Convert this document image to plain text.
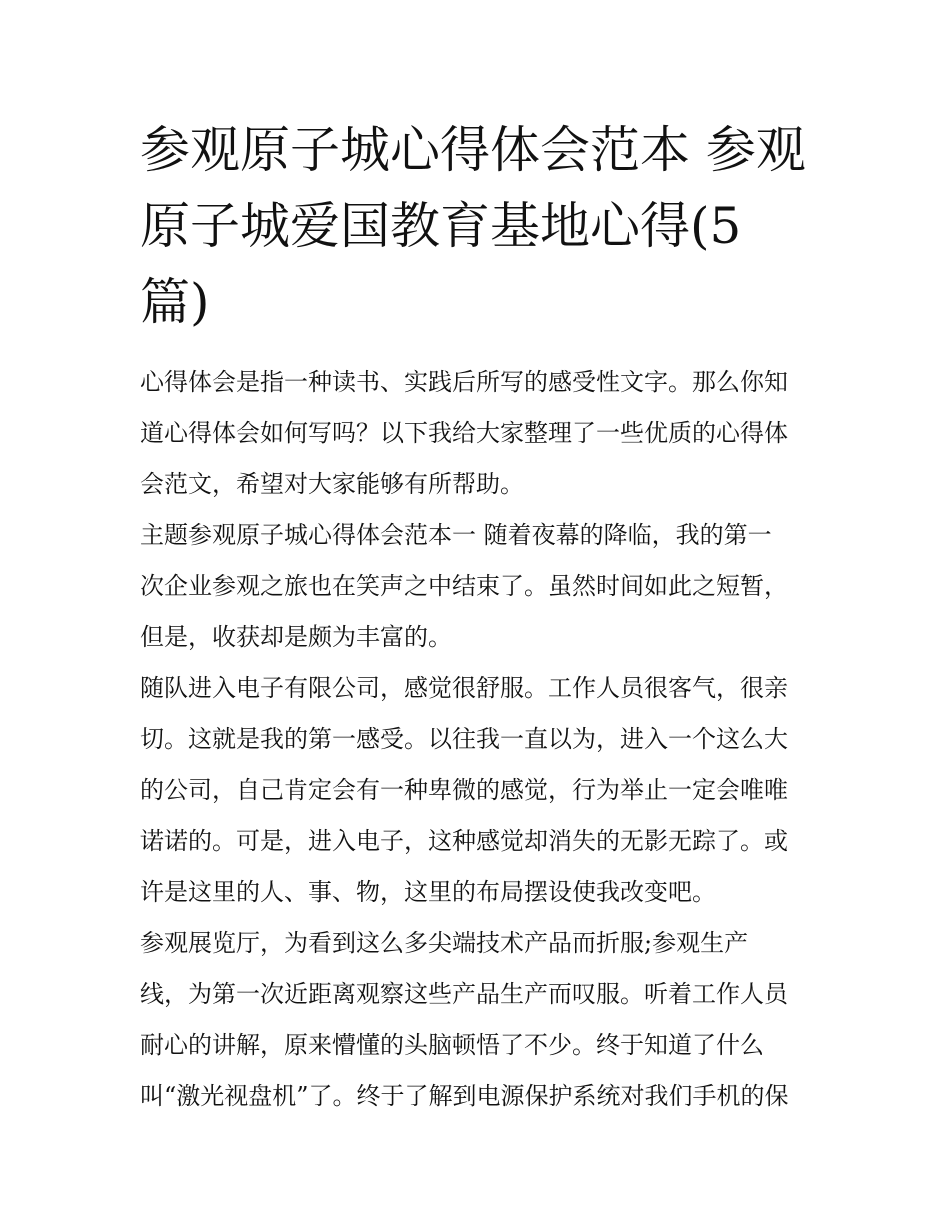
参观原子城心得体会范本 参观
原子城爱国教育基地心得(5
篇)
心得体会是指一种读书、实践后所写的感受性文字。那么你知
道心得体会如何写吗？以下我给大家整理了一些优质的心得体
会范文，希望对大家能够有所帮助。
主题参观原子城心得体会范本一 随着夜幕的降临，我的第一
次企业参观之旅也在笑声之中结束了。虽然时间如此之短暂，
但是，收获却是颇为丰富的。
随队进入电子有限公司，感觉很舒服。工作人员很客气，很亲
切。这就是我的第一感受。以往我一直以为，进入一个这么大
的公司，自己肯定会有一种卑微的感觉，行为举止一定会唯唯
诺诺的。可是，进入电子，这种感觉却消失的无影无踪了。或
许是这里的人、事、物，这里的布局摆设使我改变吧。
参观展览厅，为看到这么多尖端技术产品而折服;参观生产
线，为第一次近距离观察这些产品生产而叹服。听着工作人员
耐心的讲解，原来懵懂的头脑顿悟了不少。终于知道了什么
叫“激光视盘机”了。终于了解到电源保护系统对我们手机的保
